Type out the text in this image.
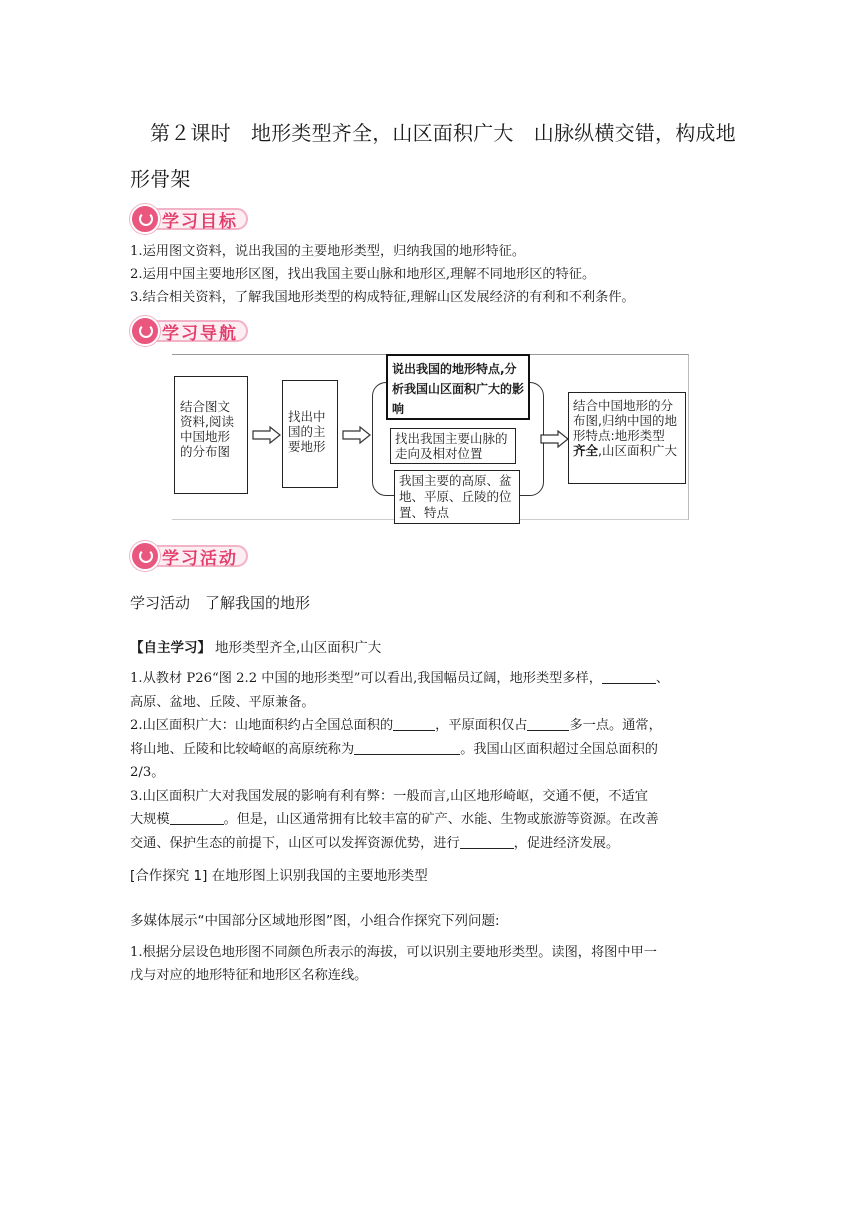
第２课时　地形类型齐全，山区面积广大　山脉纵横交错，构成地形骨架
学习目标
1.运用图文资料，说出我国的主要地形类型，归纳我国的地形特征。
2.运用中国主要地形区图，找出我国主要山脉和地形区,理解不同地形区的特征。
3.结合相关资料，了解我国地形类型的构成特征,理解山区发展经济的有利和不利条件。
学习导航
结合图文资料,阅读中国地形的分布图
找出中国的主要地形
说出我国的地形特点,分析我国山区面积广大的影响
找出我国主要山脉的走向及相对位置
我国主要的高原、盆地、平原、丘陵的位置、特点
结合中国地形的分布图,归纳中国的地形特点:地形类型 齐全,山区面积广大
学习活动
学习活动　了解我国的地形
【自主学习】 地形类型齐全,山区面积广大
1.从教材 P26“图 2.2 中国的地形类型”可以看出,我国幅员辽阔，地形类型多样，	、
高原、盆地、丘陵、平原兼备。
2.山区面积广大：山地面积约占全国总面积的	，平原面积仅占	多一点。通常，
将山地、丘陵和比较崎岖的高原统称为	。我国山区面积超过全国总面积的
2/3。
3.山区面积广大对我国发展的影响有利有弊：一般而言,山区地形崎岖，交通不便，不适宜
大规模	。但是，山区通常拥有比较丰富的矿产、水能、生物或旅游等资源。在改善
交通、保护生态的前提下，山区可以发挥资源优势，进行	，促进经济发展。
[合作探究 1] 在地形图上识别我国的主要地形类型
多媒体展示“中国部分区域地形图”图，小组合作探究下列问题:
1.根据分层设色地形图不同颜色所表示的海拔，可以识别主要地形类型。读图，将图中甲一
戊与对应的地形特征和地形区名称连线。
